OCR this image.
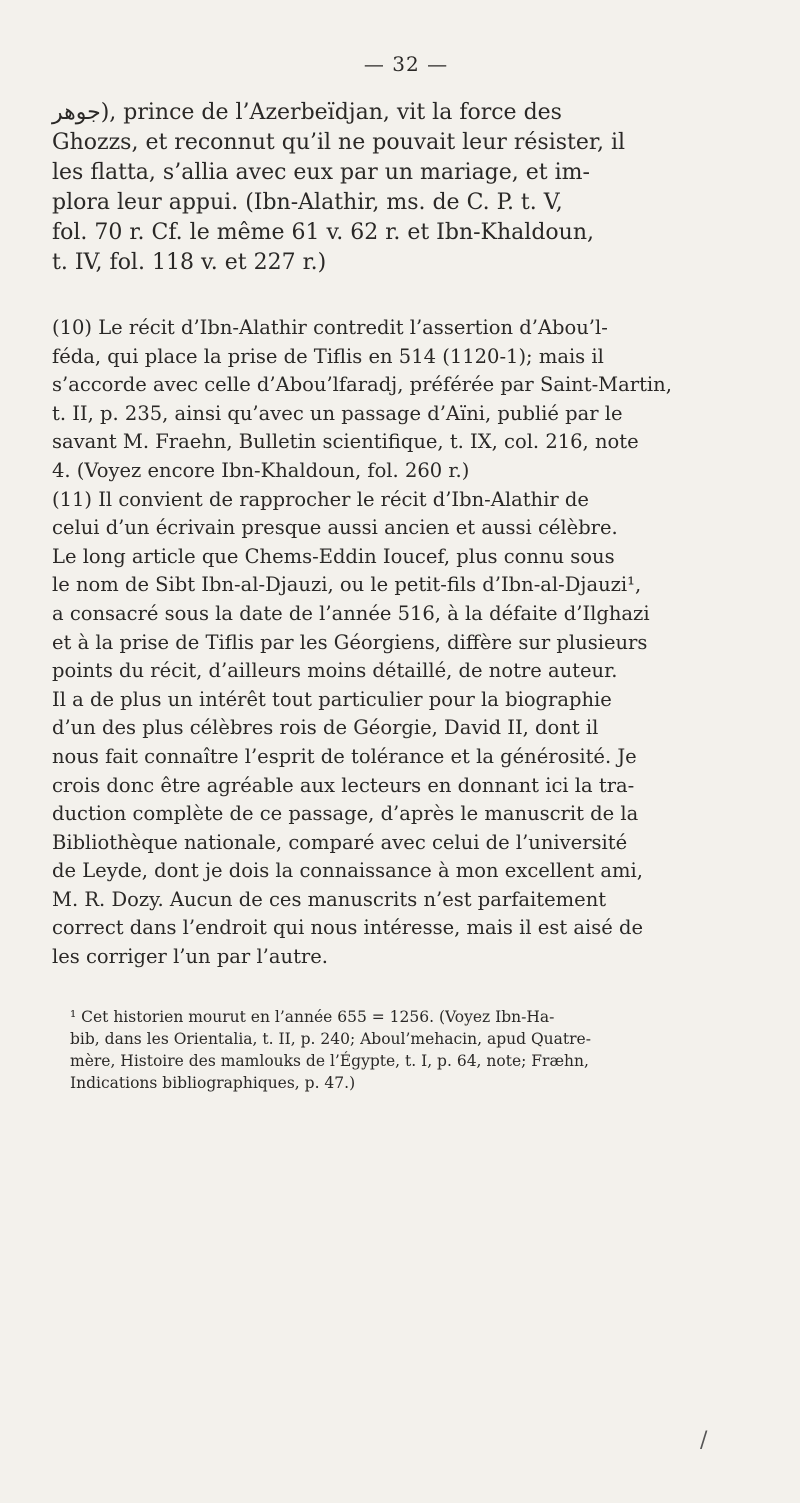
— 32 —

ﺟﻮﻫﺮ), prince de l’Azerbeïdjan, vit la force des
Ghozzs, et reconnut qu’il ne pouvait leur résister, il
les flatta, s’allia avec eux par un mariage, et im-
plora leur appui. (Ibn-Alathir, ms. de C. P. t. V,
fol. 70 r. Cf. le même 61 v. 62 r. et Ibn-Khaldoun,
t. IV, fol. 118 v. et 227 r.)

(10) Le récit d’Ibn-Alathir contredit l’assertion d’Abou’l-
féda, qui place la prise de Tiflis en 514 (1120-1); mais il
s’accorde avec celle d’Abou’lfaradj, préférée par Saint-Martin,
t. II, p. 235, ainsi qu’avec un passage d’Aïni, publié par le
savant M. Fraehn, Bulletin scientifique, t. IX, col. 216, note
4. (Voyez encore Ibn-Khaldoun, fol. 260 r.)

(11) Il convient de rapprocher le récit d’Ibn-Alathir de
celui d’un écrivain presque aussi ancien et aussi célèbre.
Le long article que Chems-Eddin Ioucef, plus connu sous
le nom de Sibt Ibn-al-Djauzi, ou le petit-fils d’Ibn-al-Djauzi¹,
a consacré sous la date de l’année 516, à la défaite d’Ilghazi
et à la prise de Tiflis par les Géorgiens, diffère sur plusieurs
points du récit, d’ailleurs moins détaillé, de notre auteur.
Il a de plus un intérêt tout particulier pour la biographie
d’un des plus célèbres rois de Géorgie, David II, dont il
nous fait connaître l’esprit de tolérance et la générosité. Je
crois donc être agréable aux lecteurs en donnant ici la tra-
duction complète de ce passage, d’après le manuscrit de la
Bibliothèque nationale, comparé avec celui de l’université
de Leyde, dont je dois la connaissance à mon excellent ami,
M. R. Dozy. Aucun de ces manuscrits n’est parfaitement
correct dans l’endroit qui nous intéresse, mais il est aisé de
les corriger l’un par l’autre.

¹ Cet historien mourut en l’année 655 = 1256. (Voyez Ibn-Ha-
bib, dans les Orientalia, t. II, p. 240; Aboul’mehacin, apud Quatre-
mère, Histoire des mamlouks de l’Égypte, t. I, p. 64, note; Fræhn,
Indications bibliographiques, p. 47.)
/
